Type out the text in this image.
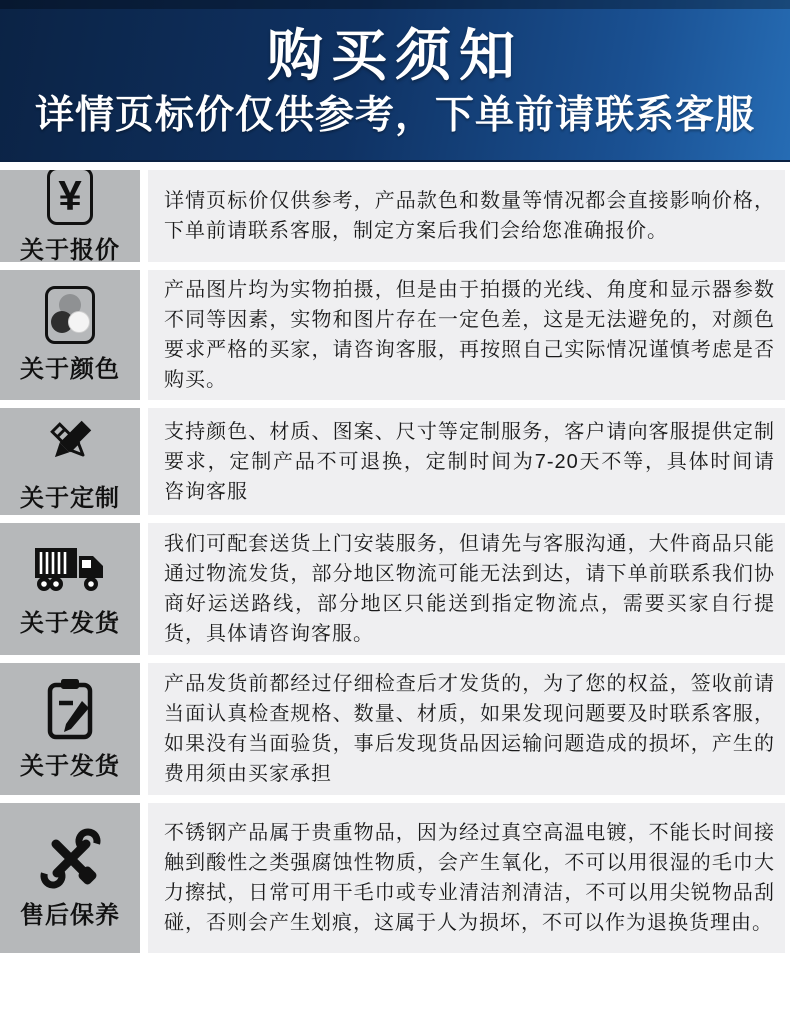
购买须知
详情页标价仅供参考，下单前请联系客服
¥
关于报价

详情页标价仅供参考，产品款色和数量等情况都会直接影响价格，下单前请联系客服，制定方案后我们会给您准确报价。

关于颜色

产品图片均为实物拍摄，但是由于拍摄的光线、角度和显示器参数不同等因素，实物和图片存在一定色差，这是无法避免的，对颜色要求严格的买家，请咨询客服，再按照自己实际情况谨慎考虑是否购买。

关于定制

支持颜色、材质、图案、尺寸等定制服务，客户请向客服提供定制要求，定制产品不可退换，定制时间为7-20天不等，具体时间请咨询客服

关于发货

我们可配套送货上门安装服务，但请先与客服沟通，大件商品只能通过物流发货，部分地区物流可能无法到达，请下单前联系我们协商好运送路线，部分地区只能送到指定物流点，需要买家自行提货，具体请咨询客服。

关于发货

产品发货前都经过仔细检查后才发货的，为了您的权益，签收前请当面认真检查规格、数量、材质，如果发现问题要及时联系客服，如果没有当面验货，事后发现货品因运输问题造成的损坏，产生的费用须由买家承担

售后保养

不锈钢产品属于贵重物品，因为经过真空高温电镀，不能长时间接触到酸性之类强腐蚀性物质，会产生氧化，不可以用很湿的毛巾大力擦拭，日常可用干毛巾或专业清洁剂清洁，不可以用尖锐物品刮碰，否则会产生划痕，这属于人为损坏，不可以作为退换货理由。
